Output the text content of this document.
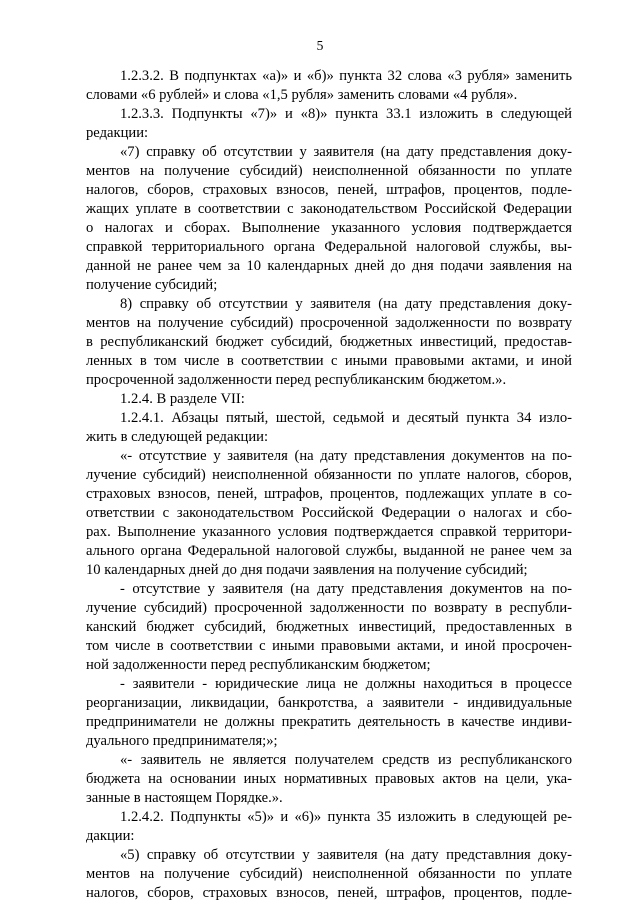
5
1.2.3.2. В подпунктах «а)» и «б)» пункта 32 слова «3 рубля» заменить
словами «6 рублей» и слова «1,5 рубля» заменить словами «4 рубля».
1.2.3.3. Подпункты «7)» и «8)» пункта 33.1 изложить в следующей
редакции:
«7) справку об отсутствии у заявителя (на дату представления доку-
ментов на получение субсидий) неисполненной обязанности по уплате
налогов, сборов, страховых взносов, пеней, штрафов, процентов, подле-
жащих уплате в соответствии с законодательством Российской Федерации
о налогах и сборах. Выполнение указанного условия подтверждается
справкой территориального органа Федеральной налоговой службы, вы-
данной не ранее чем за 10 календарных дней до дня подачи заявления на
получение субсидий;
8) справку об отсутствии у заявителя (на дату представления доку-
ментов на получение субсидий) просроченной задолженности по возврату
в республиканский бюджет субсидий, бюджетных инвестиций, предостав-
ленных в том числе в соответствии с иными правовыми актами, и иной
просроченной задолженности перед республиканским бюджетом.».
1.2.4. В разделе VII:
1.2.4.1. Абзацы пятый, шестой, седьмой и десятый пункта 34 изло-
жить в следующей редакции:
«- отсутствие у заявителя (на дату представления документов на по-
лучение субсидий) неисполненной обязанности по уплате налогов, сборов,
страховых взносов, пеней, штрафов, процентов, подлежащих уплате в со-
ответствии с законодательством Российской Федерации о налогах и сбо-
рах. Выполнение указанного условия подтверждается справкой территори-
ального органа Федеральной налоговой службы, выданной не ранее чем за
10 календарных дней до дня подачи заявления на получение субсидий;
- отсутствие у заявителя (на дату представления документов на по-
лучение субсидий) просроченной задолженности по возврату в республи-
канский бюджет субсидий, бюджетных инвестиций, предоставленных в
том числе в соответствии с иными правовыми актами, и иной просрочен-
ной задолженности перед республиканским бюджетом;
- заявители - юридические лица не должны находиться в процессе
реорганизации, ликвидации, банкротства, а заявители - индивидуальные
предприниматели не должны прекратить деятельность в качестве индиви-
дуального предпринимателя;»;
«- заявитель не является получателем средств из республиканского
бюджета на основании иных нормативных правовых актов на цели, ука-
занные в настоящем Порядке.».
1.2.4.2. Подпункты «5)» и «6)» пункта 35 изложить в следующей ре-
дакции:
«5) справку об отсутствии у заявителя (на дату представлния доку-
ментов на получение субсидий) неисполненной обязанности по уплате
налогов, сборов, страховых взносов, пеней, штрафов, процентов, подле-
